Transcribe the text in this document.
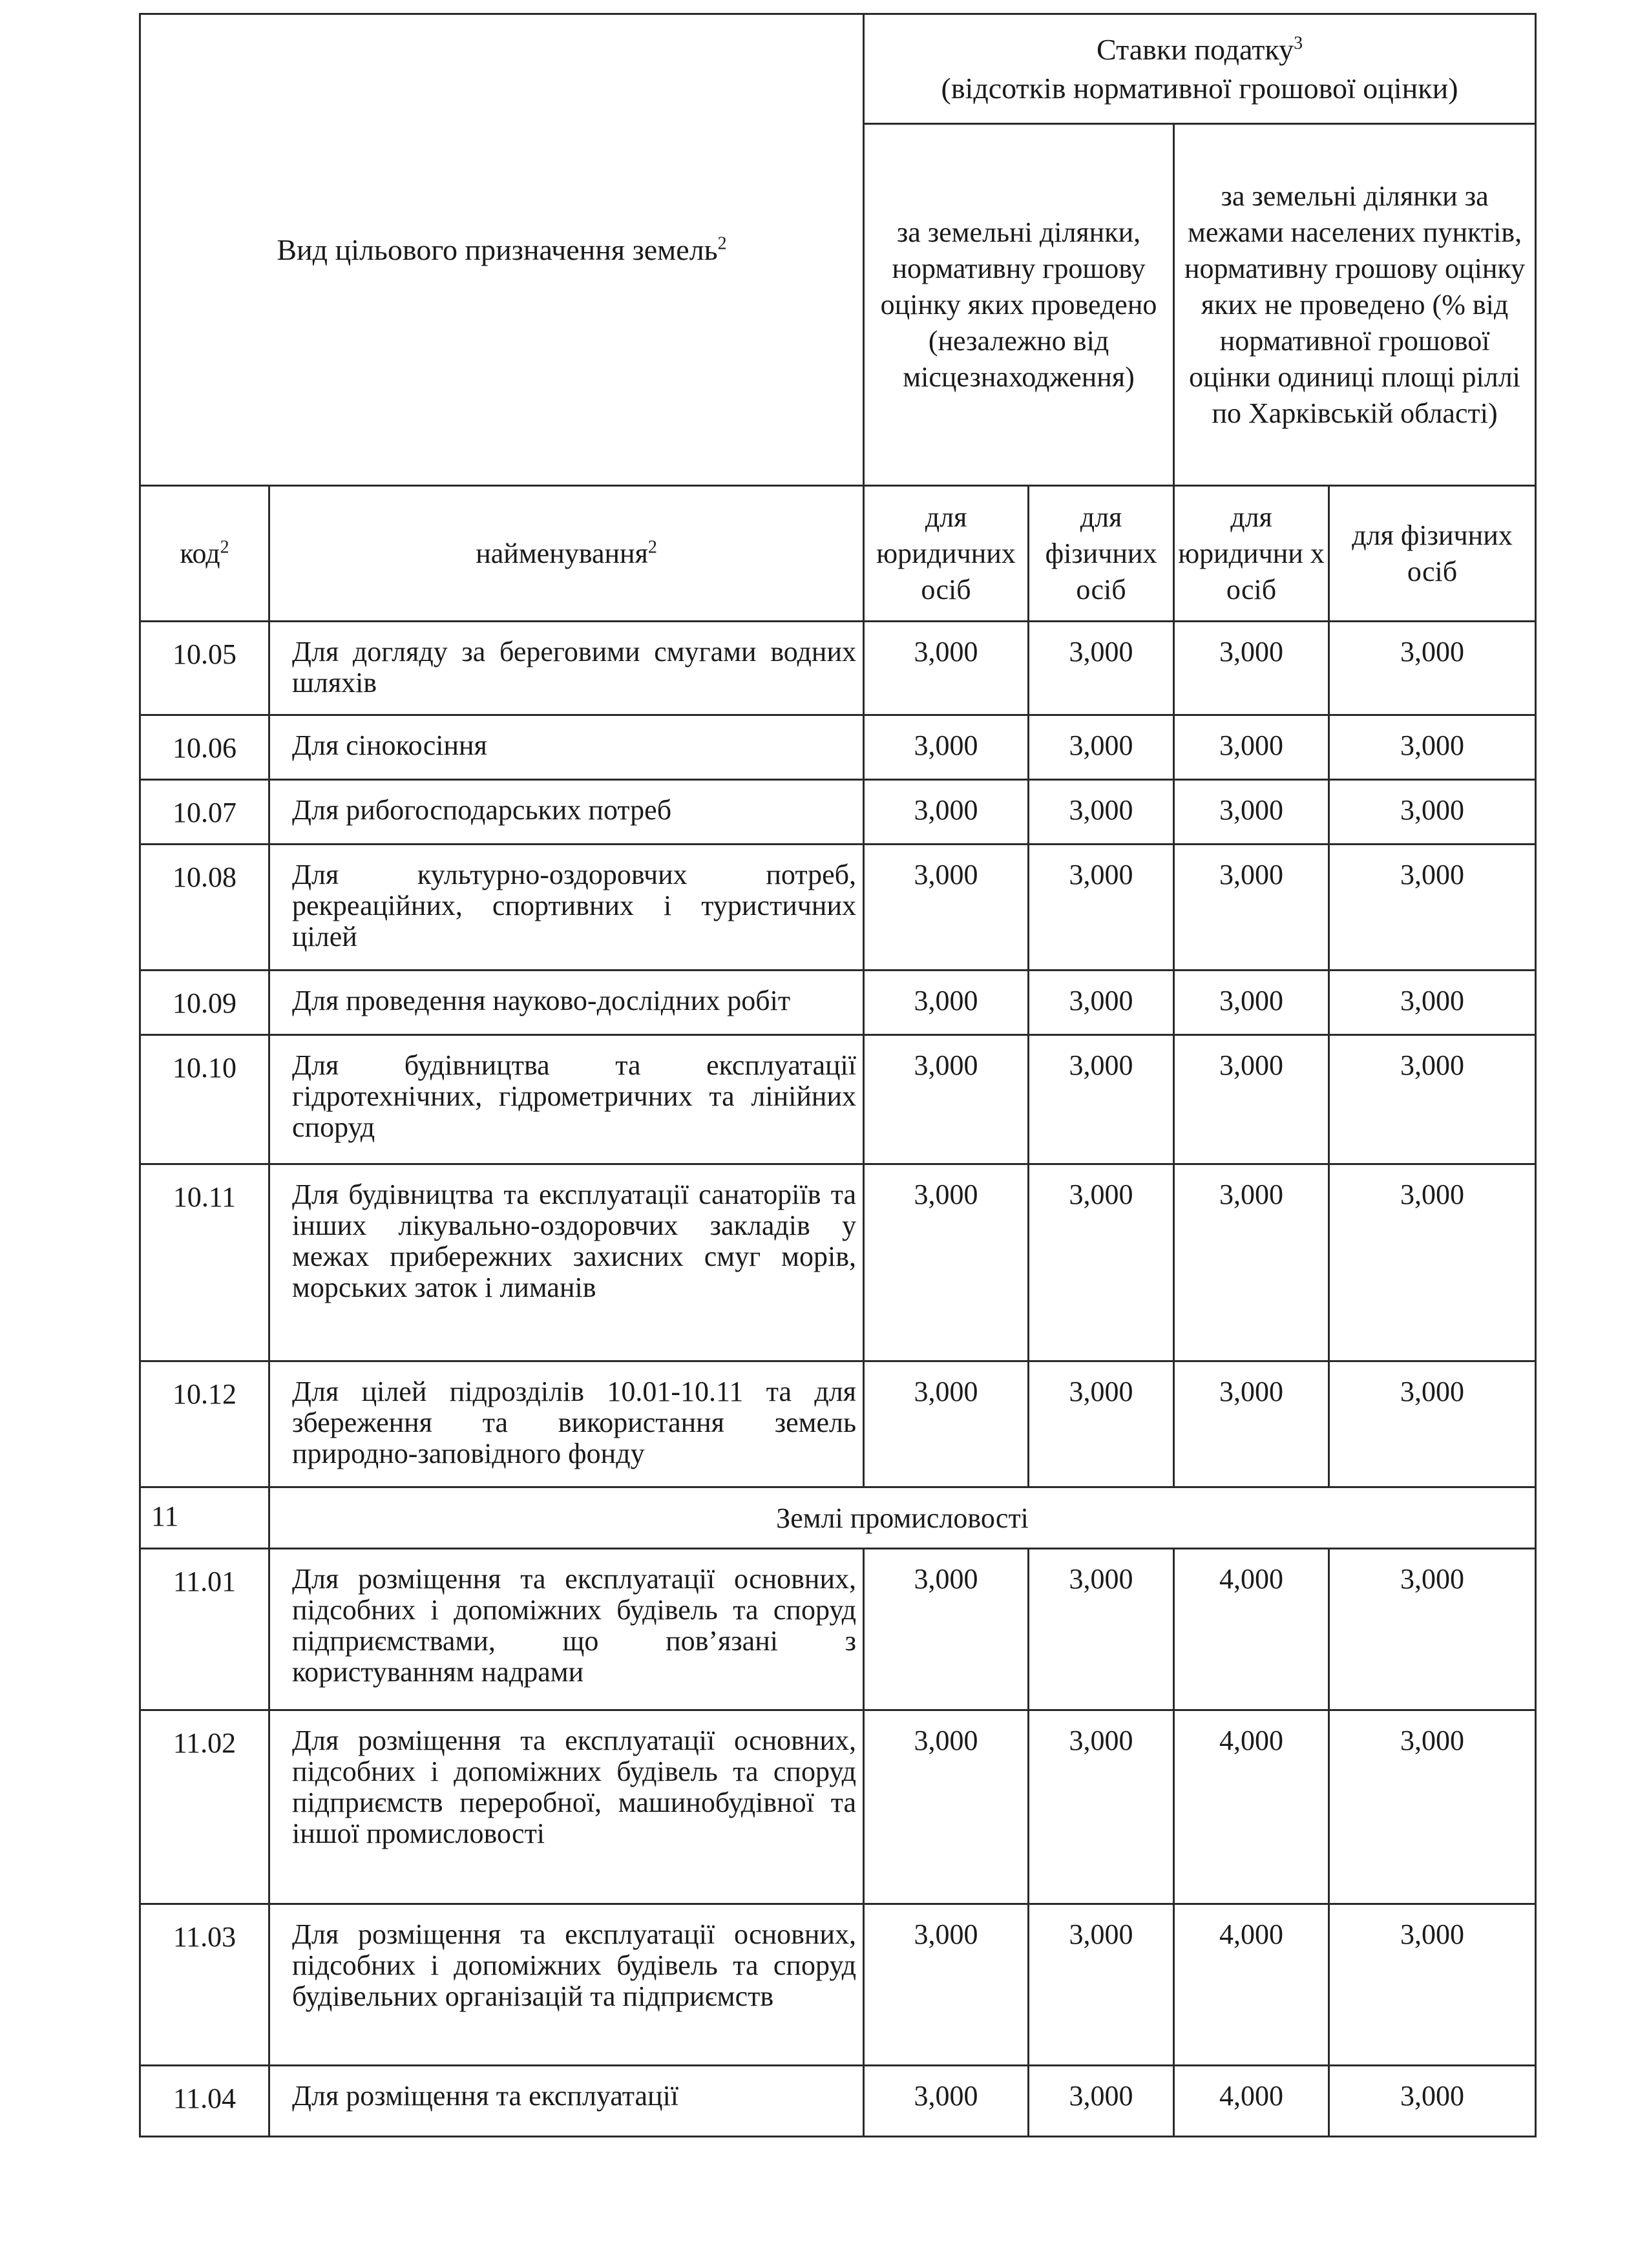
Вид цільового призначення земель$^2$		Ставки податку$^3$
(відсотків нормативної грошової оцінки)			
		за земельні ділянки, нормативну грошову оцінку яких проведено (незалежно від місцезнаходження)		за земельні ділянки за межами населених пунктів, нормативну грошову оцінку яких не проведено (% від нормативної грошової оцінки одиниці площі ріллі по Харківській області)	
код$^2$	найменування$^2$	для юридичних осіб	для фізичних осіб	для юридични х осіб	для фізичних осіб
10.05	Для догляду за береговими смугами водних шляхів	3,000	3,000	3,000	3,000
10.06	Для сінокосіння	3,000	3,000	3,000	3,000
10.07	Для рибогосподарських потреб	3,000	3,000	3,000	3,000
10.08	Для культурно-оздоровчих потреб, рекреаційних, спортивних і туристичних цілей	3,000	3,000	3,000	3,000
10.09	Для проведення науково-дослідних робіт	3,000	3,000	3,000	3,000
10.10	Для будівництва та експлуатації гідротехнічних, гідрометричних та лінійних споруд	3,000	3,000	3,000	3,000
10.11	Для будівництва та експлуатації санаторіїв та інших лікувально-оздоровчих закладів у межах прибережних захисних смуг морів, морських заток і лиманів	3,000	3,000	3,000	3,000
10.12	Для цілей підрозділів 10.01-10.11 та для збереження та використання земель природно-заповідного фонду	3,000	3,000	3,000	3,000
11	Землі промисловості				
11.01	Для розміщення та експлуатації основних, підсобних і допоміжних будівель та споруд підприємствами, що пов’язані з користуванням надрами	3,000	3,000	4,000	3,000
11.02	Для розміщення та експлуатації основних, підсобних і допоміжних будівель та споруд підприємств переробної, машинобудівної та іншої промисловості	3,000	3,000	4,000	3,000
11.03	Для розміщення та експлуатації основних, підсобних і допоміжних будівель та споруд будівельних організацій та підприємств	3,000	3,000	4,000	3,000
11.04	Для розміщення та експлуатації	3,000	3,000	4,000	3,000
